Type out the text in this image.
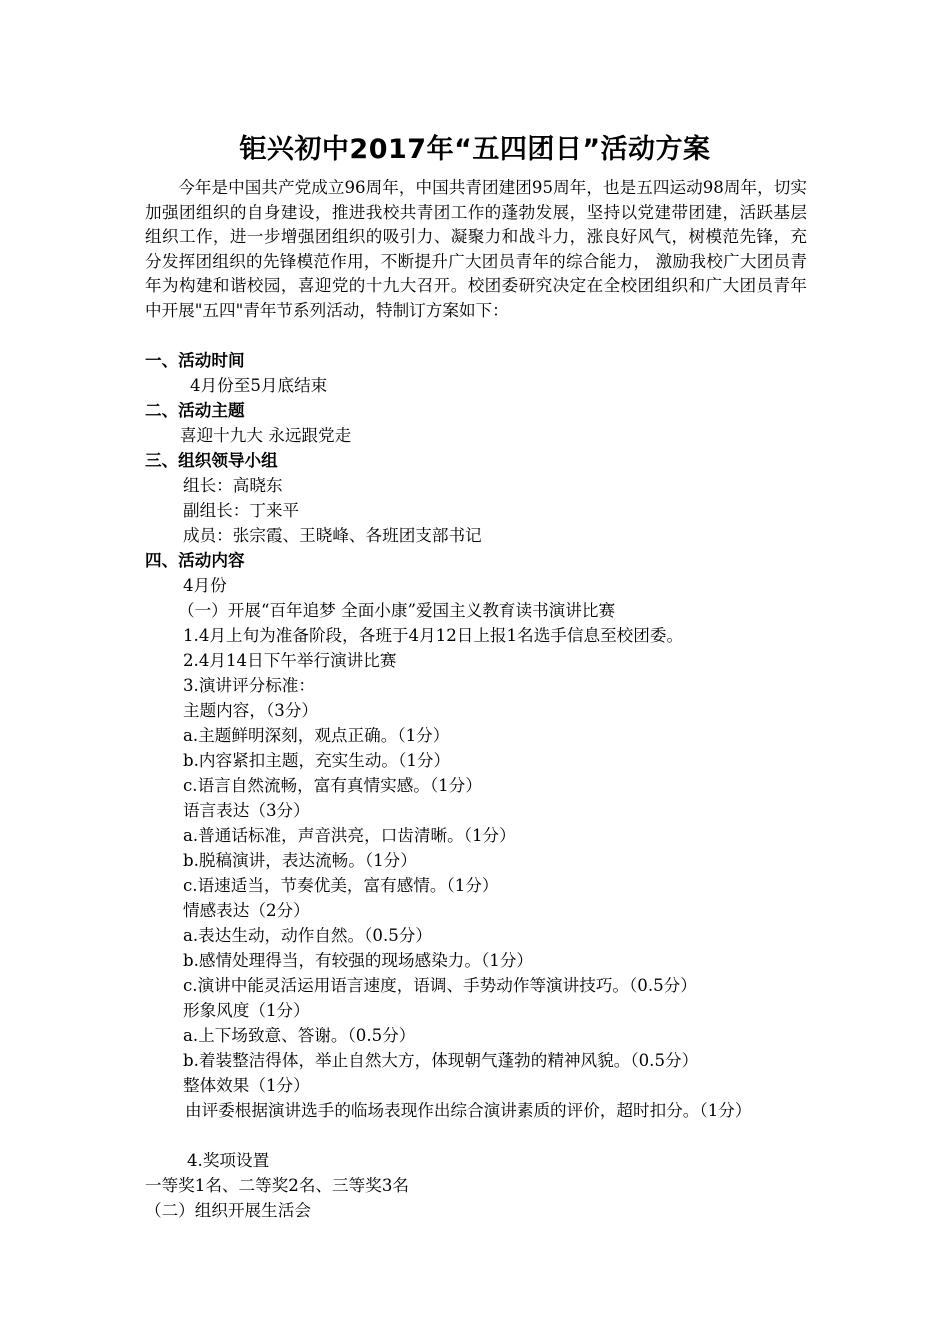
钜兴初中2017年“五四团日”活动方案

今年是中国共产党成立96周年，中国共青团建团95周年，也是五四运动98周年，切实加强团组织的自身建设，推进我校共青团工作的蓬勃发展，坚持以党建带团建，活跃基层组织工作，进一步增强团组织的吸引力、凝聚力和战斗力，涨良好风气，树模范先锋，充分发挥团组织的先锋模范作用，不断提升广大团员青年的综合能力， 激励我校广大团员青年为构建和谐校园，喜迎党的十九大召开。校团委研究决定在全校团组织和广大团员青年中开展"五四"青年节系列活动，特制订方案如下：

一、活动时间
4月份至5月底结束
二、活动主题
喜迎十九大 永远跟党走
三、组织领导小组
组长：高晓东
副组长：丁来平
成员：张宗霞、王晓峰、各班团支部书记
四、活动内容
4月份
（一）开展“百年追梦 全面小康”爱国主义教育读书演讲比赛
1.4月上旬为准备阶段，各班于4月12日上报1名选手信息至校团委。
2.4月14日下午举行演讲比赛
3.演讲评分标准：
主题内容，（3分）
a.主题鲜明深刻，观点正确。（1分）
b.内容紧扣主题，充实生动。（1分）
c.语言自然流畅，富有真情实感。（1分）
语言表达（3分）
a.普通话标准，声音洪亮，口齿清晰。（1分）
b.脱稿演讲，表达流畅。（1分）
c.语速适当，节奏优美，富有感情。（1分）
情感表达（2分）
a.表达生动，动作自然。（0.5分）
b.感情处理得当，有较强的现场感染力。（1分）
c.演讲中能灵活运用语言速度，语调、手势动作等演讲技巧。（0.5分）
形象风度（1分）
a.上下场致意、答谢。（0.5分）
b.着装整洁得体，举止自然大方，体现朝气蓬勃的精神风貌。（0.5分）
整体效果（1分）

由评委根据演讲选手的临场表现作出综合演讲素质的评价，超时扣分。（1分）

4.奖项设置
一等奖1名、二等奖2名、三等奖3名
（二）组织开展生活会
